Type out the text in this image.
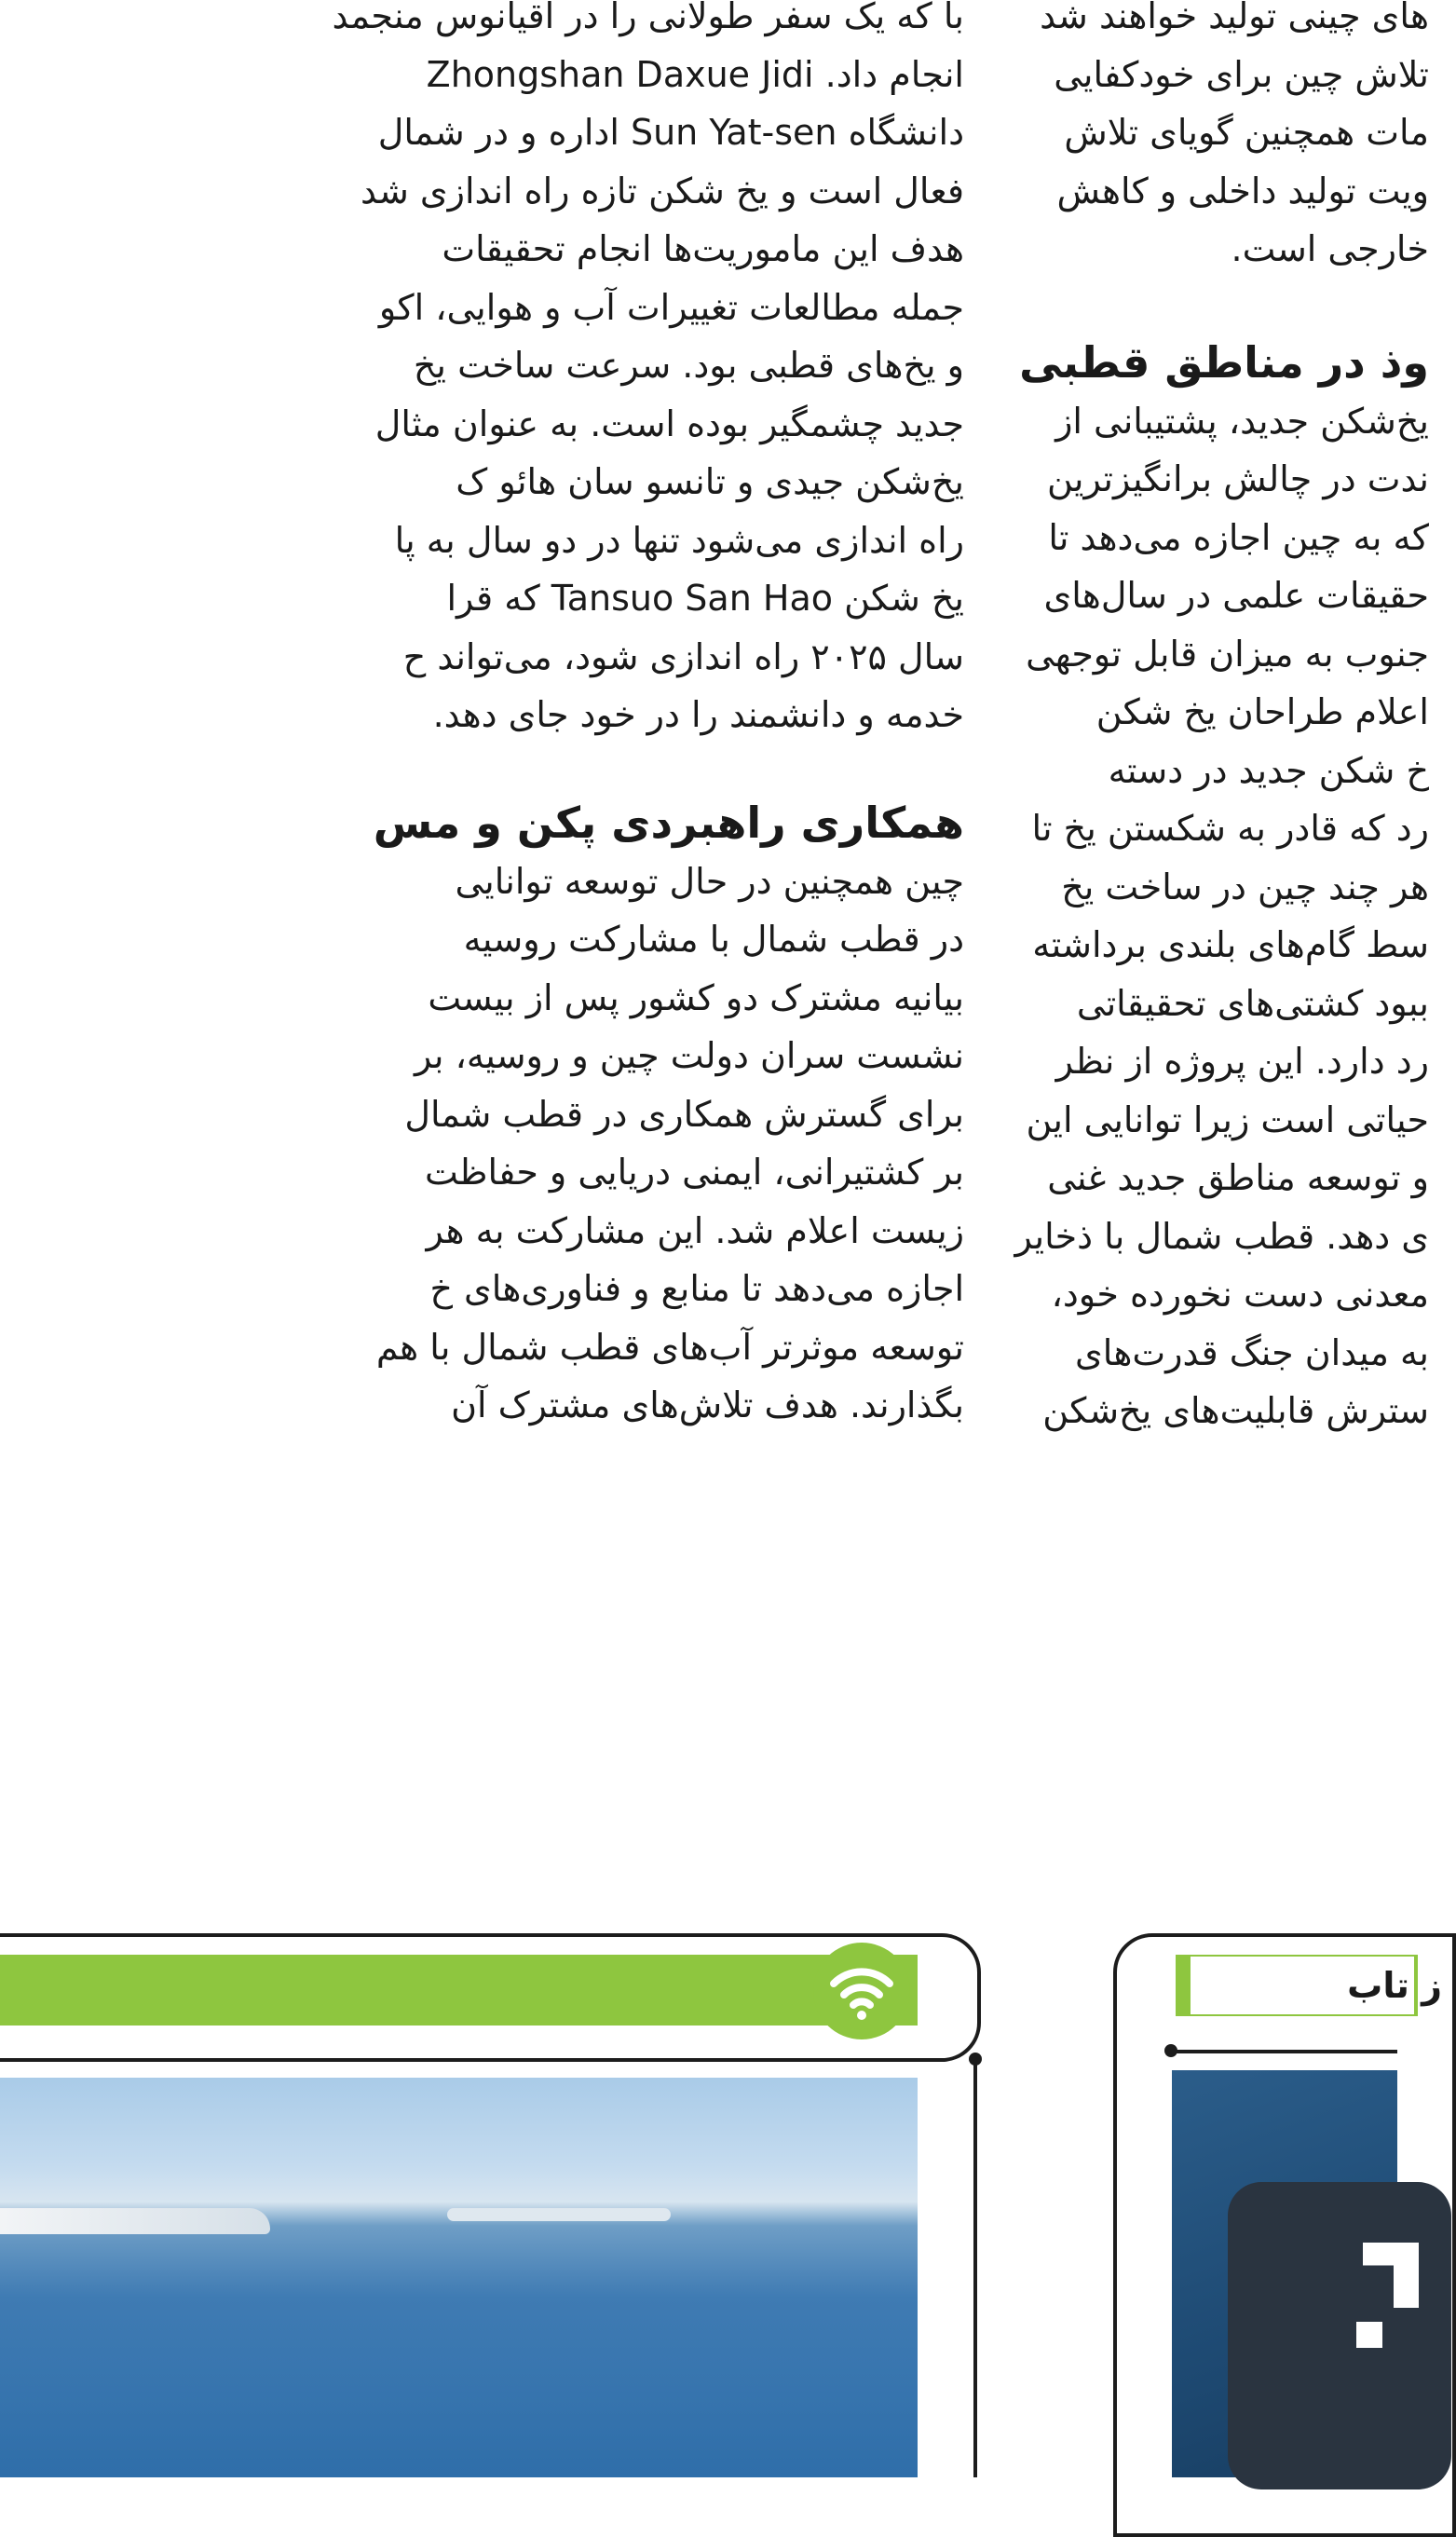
های چینی تولید خواهند شد

تلاش چین برای خودکفایی

مات همچنین گویای تلاش

ویت تولید داخلی و کاهش

خارجی است.

وذ در مناطق قطبی

یخ‌شکن جدید، پشتیبانی از

ندت در چالش برانگیزترین

که به چین اجازه می‌دهد تا

حقیقات علمی در سال‌های

جنوب به میزان قابل توجهی

اعلام طراحان یخ شکن

خ شکن جدید در دسته

رد که قادر به شکستن یخ تا

هر چند چین در ساخت یخ

سط گام‌های بلندی برداشته

ببود کشتی‌های تحقیقاتی

رد دارد. این پروژه از نظر

حیاتی است زیرا توانایی این

و توسعه مناطق جدید غنی

ی دهد. قطب شمال با ذخایر

معدنی دست نخورده خود،

به میدان جنگ قدرت‌های

ستر‌ش قابلیت‌های یخ‌شکن

با که یک سفر طولانی را در اقیانوس منجمد

انجام داد. Zhongshan Daxue Jidi

دانشگاه Sun Yat-sen اداره و در شمال

فعال است و یخ شکن تازه راه اندازی شد

هدف این ماموریت‌ها انجام تحقیقات

جمله مطالعات تغییرات آب و هوایی، اکو

و یخ‌های قطبی بود. سرعت ساخت یخ

جدید چشمگیر بوده است. به عنوان مثال

یخ‌شکن جیدی و تانسو سان هائو ک

راه اندازی می‌شود تنها در دو سال به پا

یخ شکن Tansuo San Hao که قرا

سال ۲۰۲۵ راه اندازی شود، می‌تواند ح

خدمه و دانشمند را در خود جای دهد.

همکاری راهبردی پکن و مس

چین همچنین در حال توسعه توانایی

در قطب شمال با مشارکت روسیه

بیانیه مشترک دو کشور پس از بیست

نشست سران دولت چین و روسیه، بر

برای گسترش همکاری در قطب شمال

بر کشتیرانی، ایمنی دریایی و حفاظت

زیست اعلام شد. این مشارکت به هر

اجازه می‌دهد تا منابع و فناوری‌های خ

توسعه موثرتر آب‌های قطب شمال با هم

بگذارند. هدف تلاش‌های مشترک آن

ز تاب
